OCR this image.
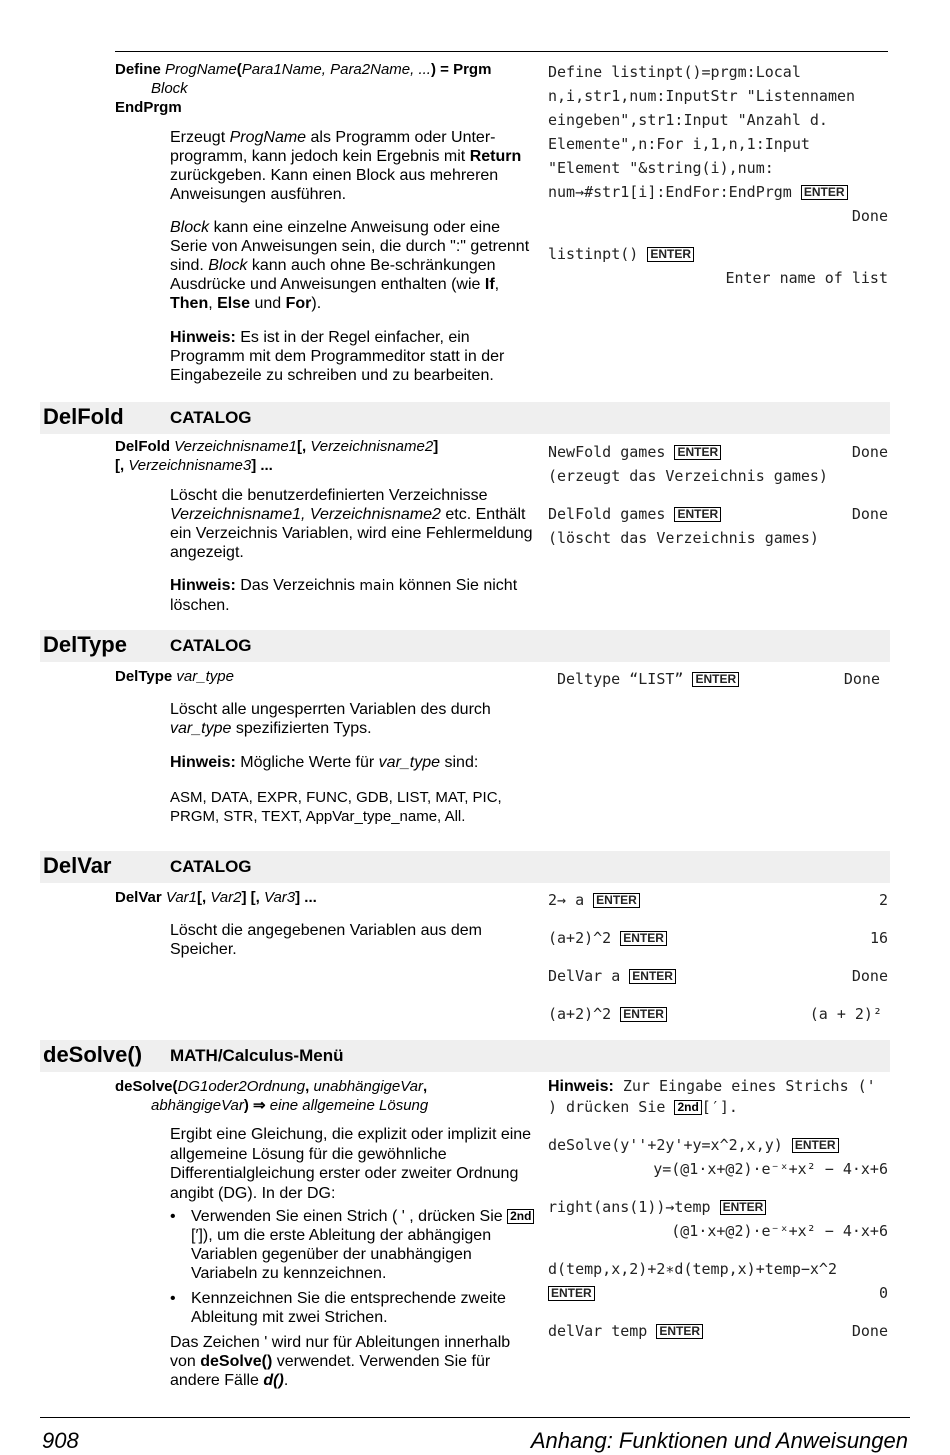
Define ProgName(Para1Name, Para2Name, ...) = Prgm
Block
EndPrgm
Erzeugt ProgName als Programm oder Unter-programm, kann jedoch kein Ergebnis mit Return zurückgeben. Kann einen Block aus mehreren Anweisungen ausführen.
Block kann eine einzelne Anweisung oder eine Serie von Anweisungen sein, die durch ":" getrennt sind. Block kann auch ohne Be-schränkungen Ausdrücke und Anweisungen enthalten (wie If, Then, Else und For).
Hinweis: Es ist in der Regel einfacher, ein Programm mit dem Programmeditor statt in der Eingabezeile zu schreiben und zu bearbeiten.
Define listinpt()=prgm:Local
n,i,str1,num:InputStr "Listennamen
eingeben",str1:Input "Anzahl d.
Elemente",n:For i,1,n,1:Input
"Element "&string(i),num:
num→#str1[i]:EndFor:EndPrgm ENTER
Done
listinpt() ENTER
Enter name of list
DelFold	CATALOG
DelFold Verzeichnisname1[, Verzeichnisname2] [, Verzeichnisname3] ...
Löscht die benutzerdefinierten Verzeichnisse Verzeichnisname1, Verzeichnisname2 etc. Enthält ein Verzeichnis Variablen, wird eine Fehlermeldung angezeigt.
Hinweis: Das Verzeichnis main können Sie nicht löschen.
NewFold games ENTER	Done
(erzeugt das Verzeichnis games)
DelFold games ENTER	Done
(löscht das Verzeichnis games)
DelType	CATALOG
DelType var_type
Löscht alle ungesperrten Variablen des durch var_type spezifizierten Typs.
Hinweis: Mögliche Werte für var_type sind:
ASM, DATA, EXPR, FUNC, GDB, LIST, MAT, PIC, PRGM, STR, TEXT, AppVar_type_name, All.
Deltype “LIST” ENTER	Done
DelVar	CATALOG
DelVar Var1[, Var2] [, Var3] ...
Löscht die angegebenen Variablen aus dem Speicher.
2→ a ENTER	2
(a+2)^2 ENTER	16
DelVar a ENTER	Done
(a+2)^2 ENTER	(a + 2)²
deSolve() MATH/Calculus-Menü
deSolve(DG1oder2Ordnung, unabhängigeVar,
abhängigeVar) ⇒ eine allgemeine Lösung
Ergibt eine Gleichung, die explizit oder implizit eine allgemeine Lösung für die gewöhnliche Differentialgleichung erster oder zweiter Ordnung angibt (DG). In der DG:
• Verwenden Sie einen Strich ( ' , drücken Sie 2nd [′]), um die erste Ableitung der abhängigen Variablen gegenüber der unabhängigen Variabeln zu kennzeichnen.
• Kennzeichnen Sie die entsprechende zweite Ableitung mit zwei Strichen.
Das Zeichen ' wird nur für Ableitungen innerhalb von deSolve() verwendet. Verwenden Sie für andere Fälle d().
Hinweis: Zur Eingabe eines Strichs ('
) drücken Sie 2nd [′].
deSolve(y''+2y'+y=x^2,x,y) ENTER
y=(@1·x+@2)·e⁻ˣ+x² − 4·x+6
right(ans(1))→temp ENTER
(@1·x+@2)·e⁻ˣ+x² − 4·x+6
d(temp,x,2)+2∗d(temp,x)+temp−x^2
ENTER	0
delVar temp ENTER	Done
908	Anhang: Funktionen und Anweisungen
